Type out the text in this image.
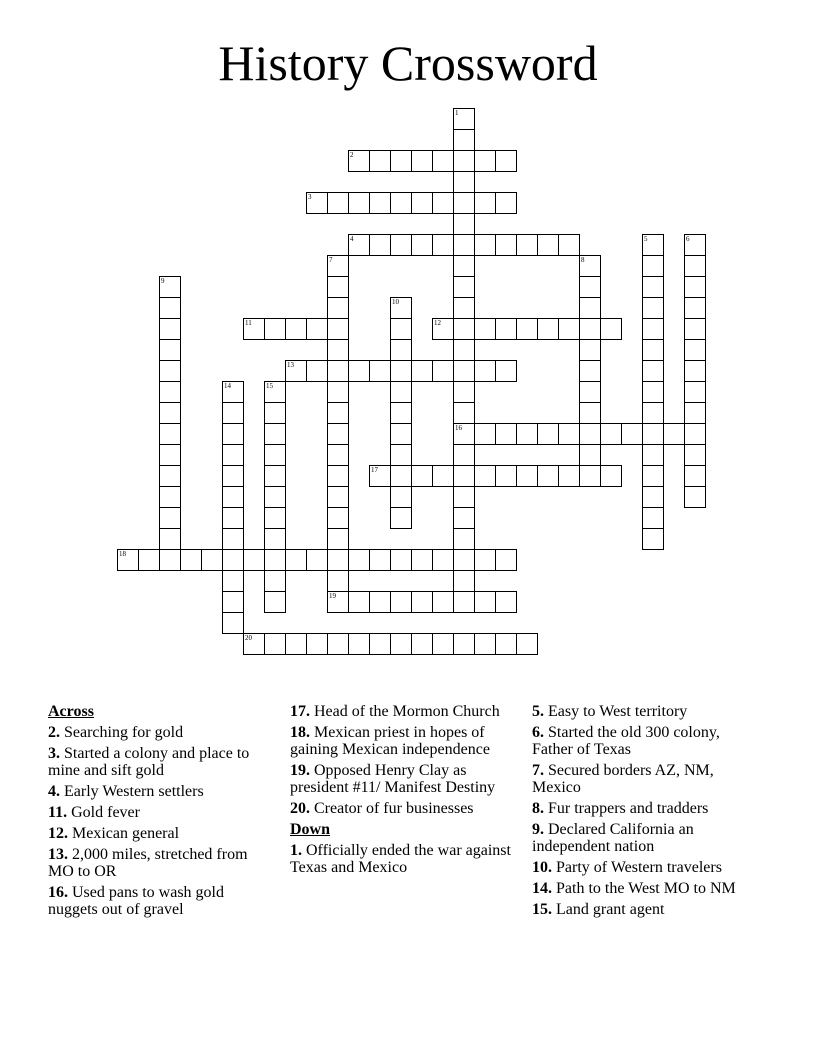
History Crossword
1
2
3
4	5	6
7	8
9
10
11	12
13
14	15
16
17
18
19
20
Across
2. Searching for gold
3. Started a colony and place to mine and sift gold
4. Early Western settlers
11. Gold fever
12. Mexican general
13. 2,000 miles, stretched from MO to OR
16. Used pans to wash gold nuggets out of gravel
17. Head of the Mormon Church
18. Mexican priest in hopes of gaining Mexican independence
19. Opposed Henry Clay as president #11/ Manifest Destiny
20. Creator of fur businesses
Down
1. Officially ended the war against Texas and Mexico
5. Easy to West territory
6. Started the old 300 colony, Father of Texas
7. Secured borders AZ, NM, Mexico
8. Fur trappers and tradders
9. Declared California an independent nation
10. Party of Western travelers
14. Path to the West MO to NM
15. Land grant agent
